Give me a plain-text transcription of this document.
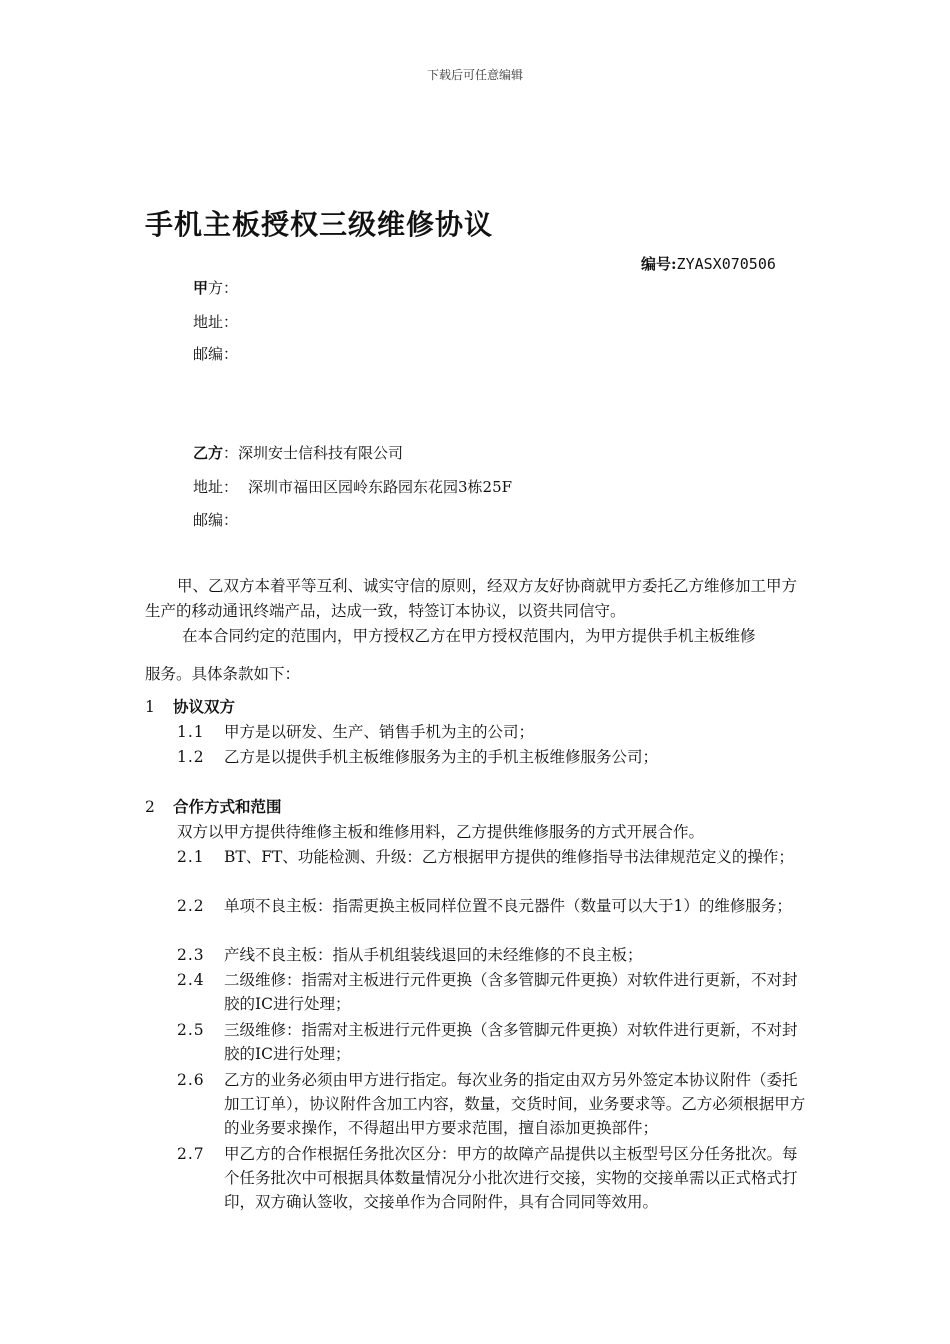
下载后可任意编辑
手机主板授权三级维修协议
编号:ZYASX070506
甲方：
地址：
邮编：
乙方：深圳安士信科技有限公司
地址： 深圳市福田区园岭东路园东花园3栋25F
邮编：
甲、乙双方本着平等互利、诚实守信的原则，经双方友好协商就甲方委托乙方维修加工甲方生产的移动通讯终端产品，达成一致，特签订本协议，以资共同信守。
在本合同约定的范围内，甲方授权乙方在甲方授权范围内，为甲方提供手机主板维修
服务。具体条款如下：
1 协议双方
1.1	甲方是以研发、生产、销售手机为主的公司；
1.2	乙方是以提供手机主板维修服务为主的手机主板维修服务公司；
2 合作方式和范围
双方以甲方提供待维修主板和维修用料，乙方提供维修服务的方式开展合作。
2.1	BT、FT、功能检测、升级：乙方根据甲方提供的维修指导书法律规范定义的操作；
2.2	单项不良主板：指需更换主板同样位置不良元器件（数量可以大于1）的维修服务；
2.3	产线不良主板：指从手机组装线退回的未经维修的不良主板；
2.4	二级维修：指需对主板进行元件更换（含多管脚元件更换）对软件进行更新，不对封胶的IC进行处理；
2.5	三级维修：指需对主板进行元件更换（含多管脚元件更换）对软件进行更新，不对封胶的IC进行处理；
2.6	乙方的业务必须由甲方进行指定。每次业务的指定由双方另外签定本协议附件（委托加工订单），协议附件含加工内容，数量，交货时间，业务要求等。乙方必须根据甲方的业务要求操作，不得超出甲方要求范围，擅自添加更换部件；
2.7	甲乙方的合作根据任务批次区分：甲方的故障产品提供以主板型号区分任务批次。每个任务批次中可根据具体数量情况分小批次进行交接，实物的交接单需以正式格式打印，双方确认签收，交接单作为合同附件，具有合同同等效用。
